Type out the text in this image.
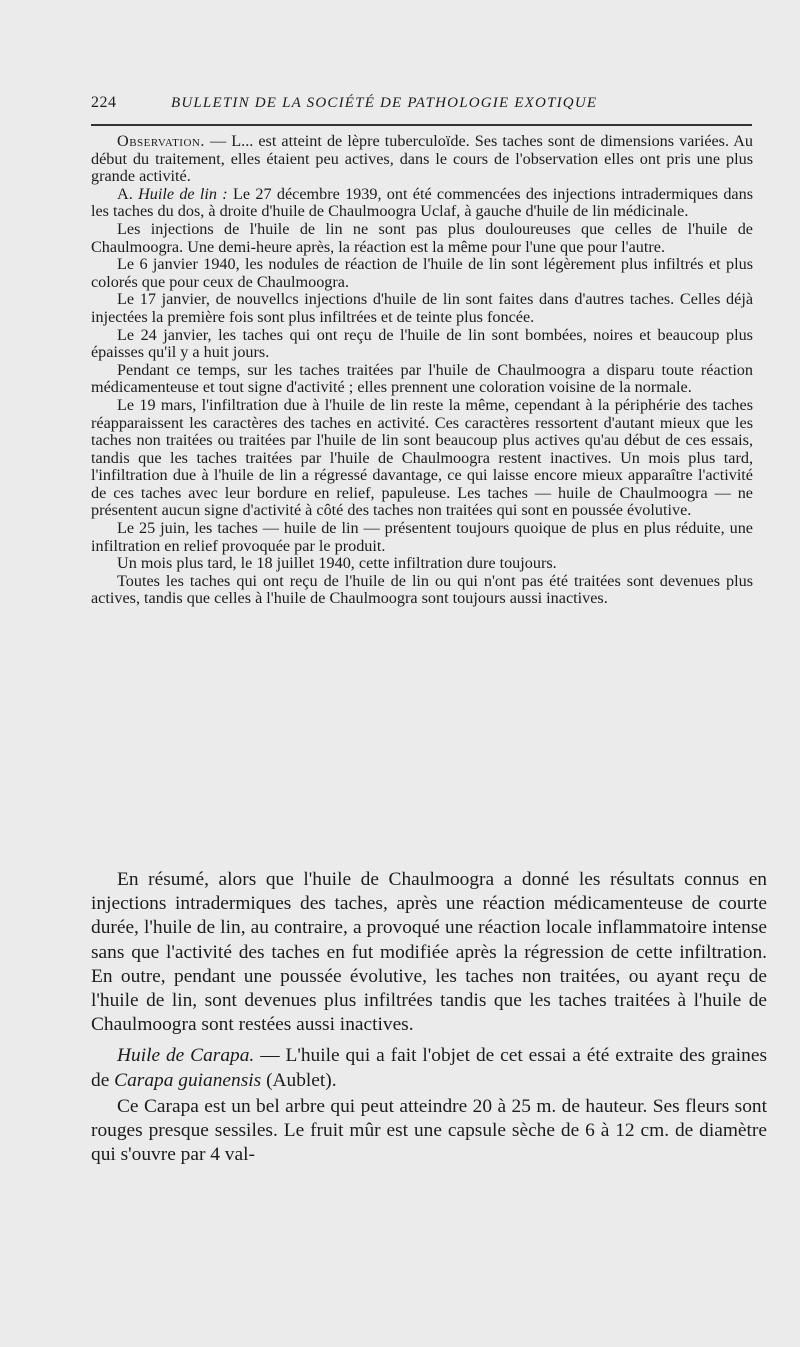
224	BULLETIN DE LA SOCIÉTÉ DE PATHOLOGIE EXOTIQUE

Observation. — L... est atteint de lèpre tuberculoïde. Ses taches sont de dimensions variées. Au début du traitement, elles étaient peu actives, dans le cours de l'observation elles ont pris une plus grande activité.

A. Huile de lin : Le 27 décembre 1939, ont été commencées des injections intradermiques dans les taches du dos, à droite d'huile de Chaulmoogra Uclaf, à gauche d'huile de lin médicinale.

Les injections de l'huile de lin ne sont pas plus douloureuses que celles de l'huile de Chaulmoogra. Une demi-heure après, la réaction est la même pour l'une que pour l'autre.

Le 6 janvier 1940, les nodules de réaction de l'huile de lin sont légèrement plus infiltrés et plus colorés que pour ceux de Chaulmoogra.

Le 17 janvier, de nouvellcs injections d'huile de lin sont faites dans d'autres taches. Celles déjà injectées la première fois sont plus infiltrées et de teinte plus foncée.

Le 24 janvier, les taches qui ont reçu de l'huile de lin sont bombées, noires et beaucoup plus épaisses qu'il y a huit jours.

Pendant ce temps, sur les taches traitées par l'huile de Chaulmoogra a disparu toute réaction médicamenteuse et tout signe d'activité ; elles prennent une coloration voisine de la normale.

Le 19 mars, l'infiltration due à l'huile de lin reste la même, cependant à la périphérie des taches réapparaissent les caractères des taches en activité. Ces caractères ressortent d'autant mieux que les taches non traitées ou traitées par l'huile de lin sont beaucoup plus actives qu'au début de ces essais, tandis que les taches traitées par l'huile de Chaulmoogra restent inactives. Un mois plus tard, l'infiltration due à l'huile de lin a régressé davantage, ce qui laisse encore mieux apparaître l'activité de ces taches avec leur bordure en relief, papuleuse. Les taches — huile de Chaulmoogra — ne présentent aucun signe d'activité à côté des taches non traitées qui sont en poussée évolutive.

Le 25 juin, les taches — huile de lin — présentent toujours quoique de plus en plus réduite, une infiltration en relief provoquée par le produit.

Un mois plus tard, le 18 juillet 1940, cette infiltration dure toujours.

Toutes les taches qui ont reçu de l'huile de lin ou qui n'ont pas été traitées sont devenues plus actives, tandis que celles à l'huile de Chaulmoogra sont toujours aussi inactives.

En résumé, alors que l'huile de Chaulmoogra a donné les résultats connus en injections intradermiques des taches, après une réaction médicamenteuse de courte durée, l'huile de lin, au contraire, a provoqué une réaction locale inflammatoire intense sans que l'activité des taches en fut modifiée après la régression de cette infiltration. En outre, pendant une poussée évolutive, les taches non traitées, ou ayant reçu de l'huile de lin, sont devenues plus infiltrées tandis que les taches traitées à l'huile de Chaulmoogra sont restées aussi inactives.

Huile de Carapa. — L'huile qui a fait l'objet de cet essai a été extraite des graines de Carapa guianensis (Aublet).

Ce Carapa est un bel arbre qui peut atteindre 20 à 25 m. de hauteur. Ses fleurs sont rouges presque sessiles. Le fruit mûr est une capsule sèche de 6 à 12 cm. de diamètre qui s'ouvre par 4 val-
